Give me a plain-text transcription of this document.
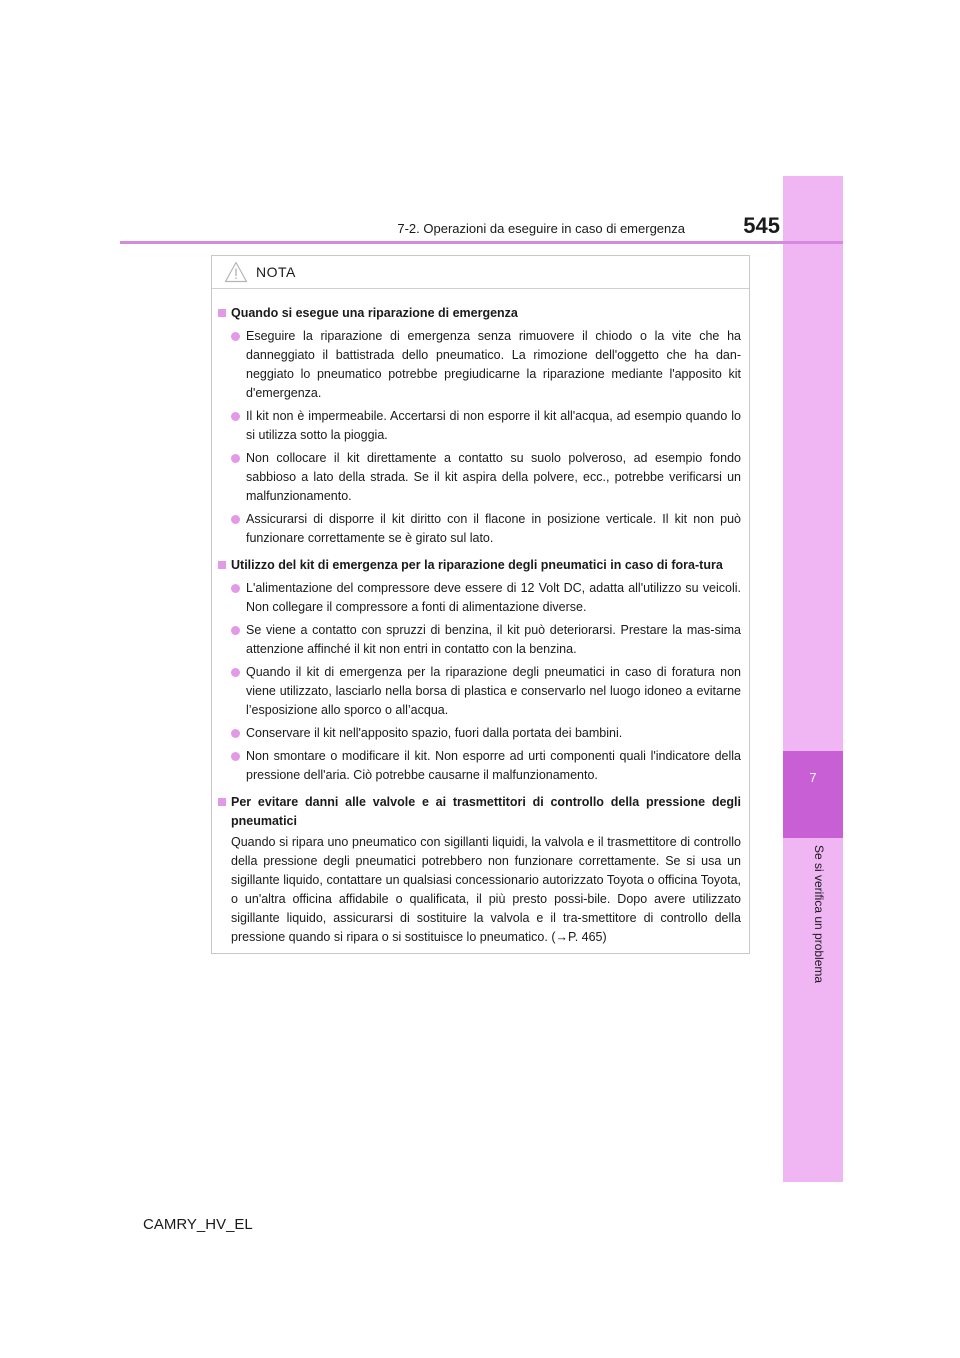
7
Se si verifica un problema
7-2. Operazioni da eseguire in caso di emergenza	545
NOTA
Quando si esegue una riparazione di emergenza
Eseguire la riparazione di emergenza senza rimuovere il chiodo o la vite che ha danneggiato il battistrada dello pneumatico. La rimozione dell'oggetto che ha dan-neggiato lo pneumatico potrebbe pregiudicarne la riparazione mediante l'apposito kit d'emergenza.
Il kit non è impermeabile. Accertarsi di non esporre il kit all'acqua, ad esempio quando lo si utilizza sotto la pioggia.
Non collocare il kit direttamente a contatto su suolo polveroso, ad esempio fondo sabbioso a lato della strada. Se il kit aspira della polvere, ecc., potrebbe verificarsi un malfunzionamento.
Assicurarsi di disporre il kit diritto con il flacone in posizione verticale. Il kit non può funzionare correttamente se è girato sul lato.
Utilizzo del kit di emergenza per la riparazione degli pneumatici in caso di fora-tura
L'alimentazione del compressore deve essere di 12 Volt DC, adatta all'utilizzo su veicoli. Non collegare il compressore a fonti di alimentazione diverse.
Se viene a contatto con spruzzi di benzina, il kit può deteriorarsi. Prestare la mas-sima attenzione affinché il kit non entri in contatto con la benzina.
Quando il kit di emergenza per la riparazione degli pneumatici in caso di foratura non viene utilizzato, lasciarlo nella borsa di plastica e conservarlo nel luogo idoneo a evitarne l’esposizione allo sporco o all’acqua.
Conservare il kit nell'apposito spazio, fuori dalla portata dei bambini.
Non smontare o modificare il kit. Non esporre ad urti componenti quali l'indicatore della pressione dell'aria. Ciò potrebbe causarne il malfunzionamento.
Per evitare danni alle valvole e ai trasmettitori di controllo della pressione degli pneumatici
Quando si ripara uno pneumatico con sigillanti liquidi, la valvola e il trasmettitore di controllo della pressione degli pneumatici potrebbero non funzionare correttamente. Se si usa un sigillante liquido, contattare un qualsiasi concessionario autorizzato Toyota o officina Toyota, o un'altra officina affidabile o qualificata, il più presto possi-bile. Dopo avere utilizzato sigillante liquido, assicurarsi di sostituire la valvola e il tra-smettitore di controllo della pressione quando si ripara o si sostituisce lo pneumatico. (→P. 465)
CAMRY_HV_EL
